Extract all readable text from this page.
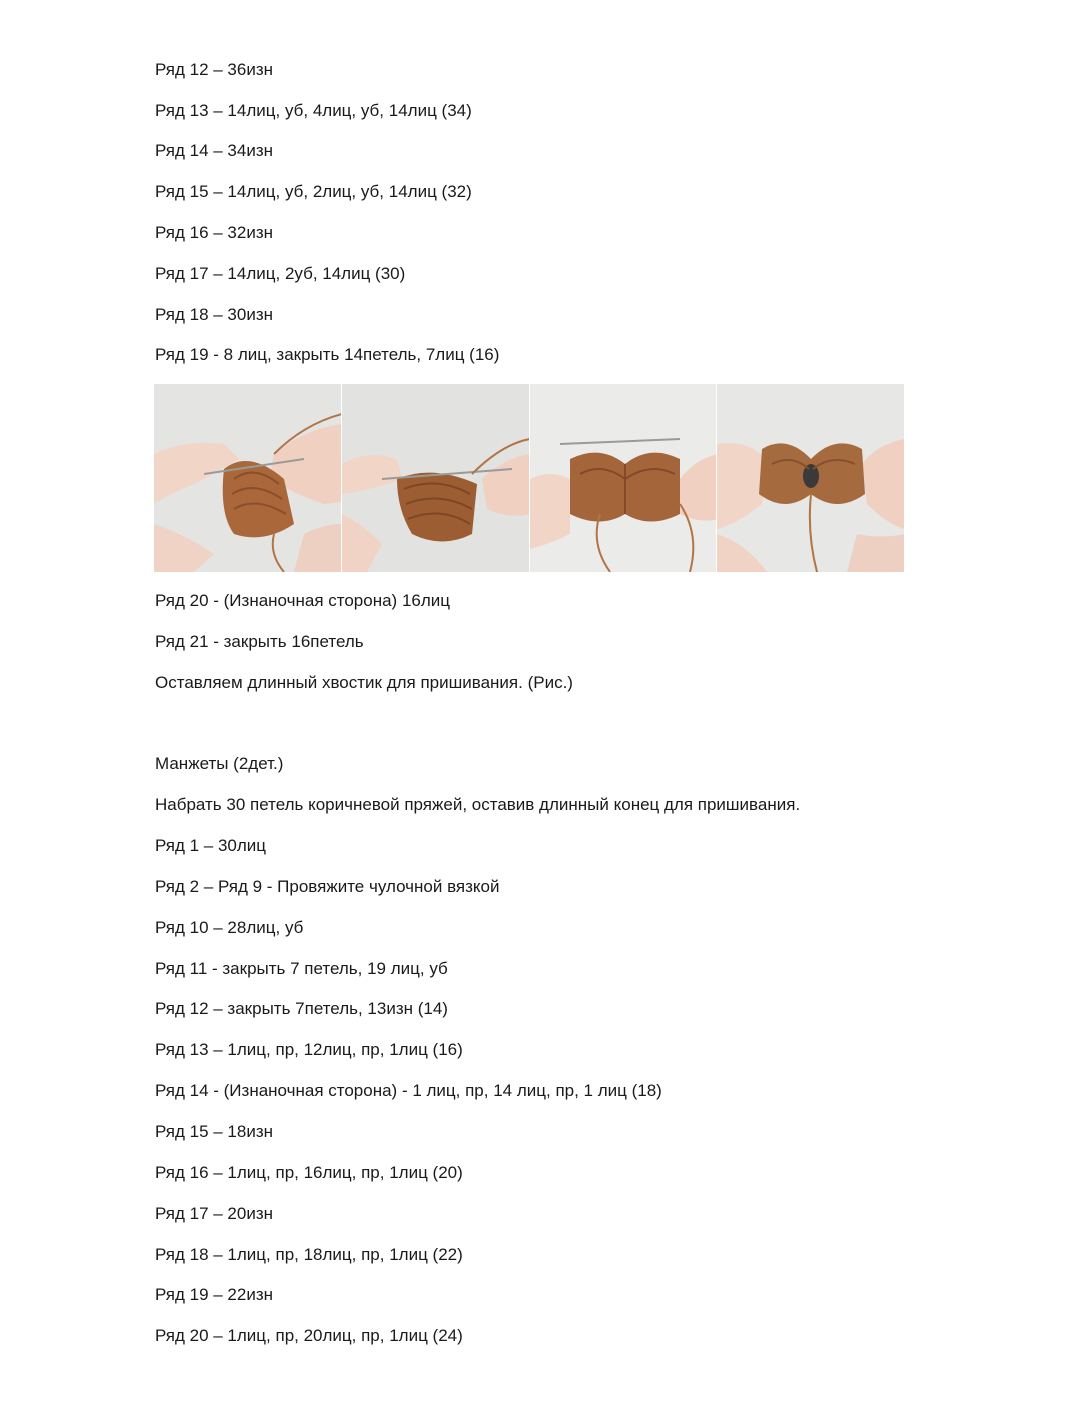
Ряд 12 – 36изн
Ряд 13 – 14лиц, уб, 4лиц, уб, 14лиц (34)
Ряд 14 – 34изн
Ряд 15 – 14лиц, уб, 2лиц, уб, 14лиц (32)
Ряд 16 – 32изн
Ряд 17 – 14лиц, 2уб, 14лиц (30)
Ряд 18 – 30изн
Ряд 19 - 8 лиц, закрыть 14петель, 7лиц (16)
Ряд 20 - (Изнаночная сторона) 16лиц
Ряд 21 - закрыть 16петель
Оставляем длинный хвостик для пришивания. (Рис.)
Манжеты (2дет.)
Набрать 30 петель коричневой пряжей, оставив длинный конец для пришивания.
Ряд 1 – 30лиц
Ряд 2 – Ряд 9 - Провяжите чулочной вязкой
Ряд 10 – 28лиц, уб
Ряд 11 - закрыть 7 петель, 19 лиц, уб
Ряд 12 – закрыть 7петель, 13изн (14)
Ряд 13 – 1лиц, пр, 12лиц, пр, 1лиц (16)
Ряд 14 - (Изнаночная сторона) - 1 лиц, пр, 14 лиц, пр, 1 лиц (18)
Ряд 15 – 18изн
Ряд 16 – 1лиц, пр, 16лиц, пр, 1лиц (20)
Ряд 17 – 20изн
Ряд 18 – 1лиц, пр, 18лиц, пр, 1лиц (22)
Ряд 19 – 22изн
Ряд 20 – 1лиц, пр, 20лиц, пр, 1лиц (24)
